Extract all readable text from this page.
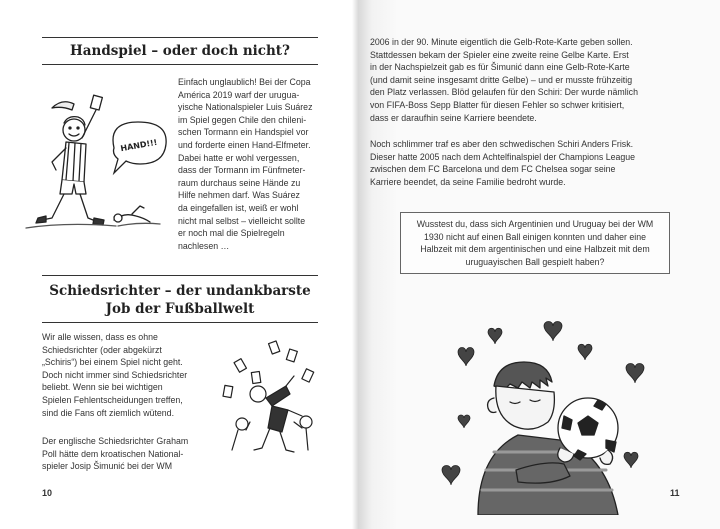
Handspiel – oder doch nicht?
HAND!!!

Einfach unglaublich! Bei der Copa
América 2019 warf der urugua-
yische Nationalspieler Luis Suárez
im Spiel gegen Chile den chileni-
schen Tormann ein Handspiel vor
und forderte einen Hand-Elfmeter.
Dabei hatte er wohl vergessen,
dass der Tormann im Fünfmeter-
raum durchaus seine Hände zu
Hilfe nehmen darf. Was Suárez
da eingefallen ist, weiß er wohl
nicht mal selbst – vielleicht sollte
er noch mal die Spielregeln
nachlesen …

Schiedsrichter – der undankbarste
Job der Fußballwelt

Wir alle wissen, dass es ohne
Schiedsrichter (oder abgekürzt
„Schiris“) bei einem Spiel nicht geht.
Doch nicht immer sind Schiedsrichter
beliebt. Wenn sie bei wichtigen
Spielen Fehlentscheidungen treffen,
sind die Fans oft ziemlich wütend.

Der englische Schiedsrichter Graham
Poll hätte dem kroatischen National-
spieler Josip Šimunić bei der WM

10

2006 in der 90. Minute eigentlich die Gelb-Rote-Karte geben sollen.
Stattdessen bekam der Spieler eine zweite reine Gelbe Karte. Erst
in der Nachspielzeit gab es für Šimunić dann eine Gelb-Rote-Karte
(und damit seine insgesamt dritte Gelbe) – und er musste frühzeitig
den Platz verlassen. Blöd gelaufen für den Schiri: Der wurde nämlich
von FIFA-Boss Sepp Blatter für diesen Fehler so schwer kritisiert,
dass er daraufhin seine Karriere beendete.

Noch schlimmer traf es aber den schwedischen Schiri Anders Frisk.
Dieser hatte 2005 nach dem Achtelfinalspiel der Champions League
zwischen dem FC Barcelona und dem FC Chelsea sogar seine
Karriere beendet, da seine Familie bedroht wurde.

Wusstest du, dass sich Argentinien und Uruguay bei der WM
1930 nicht auf einen Ball einigen konnten und daher eine
Halbzeit mit dem argentinischen und eine Halbzeit mit dem
uruguayischen Ball gespielt haben?

11
